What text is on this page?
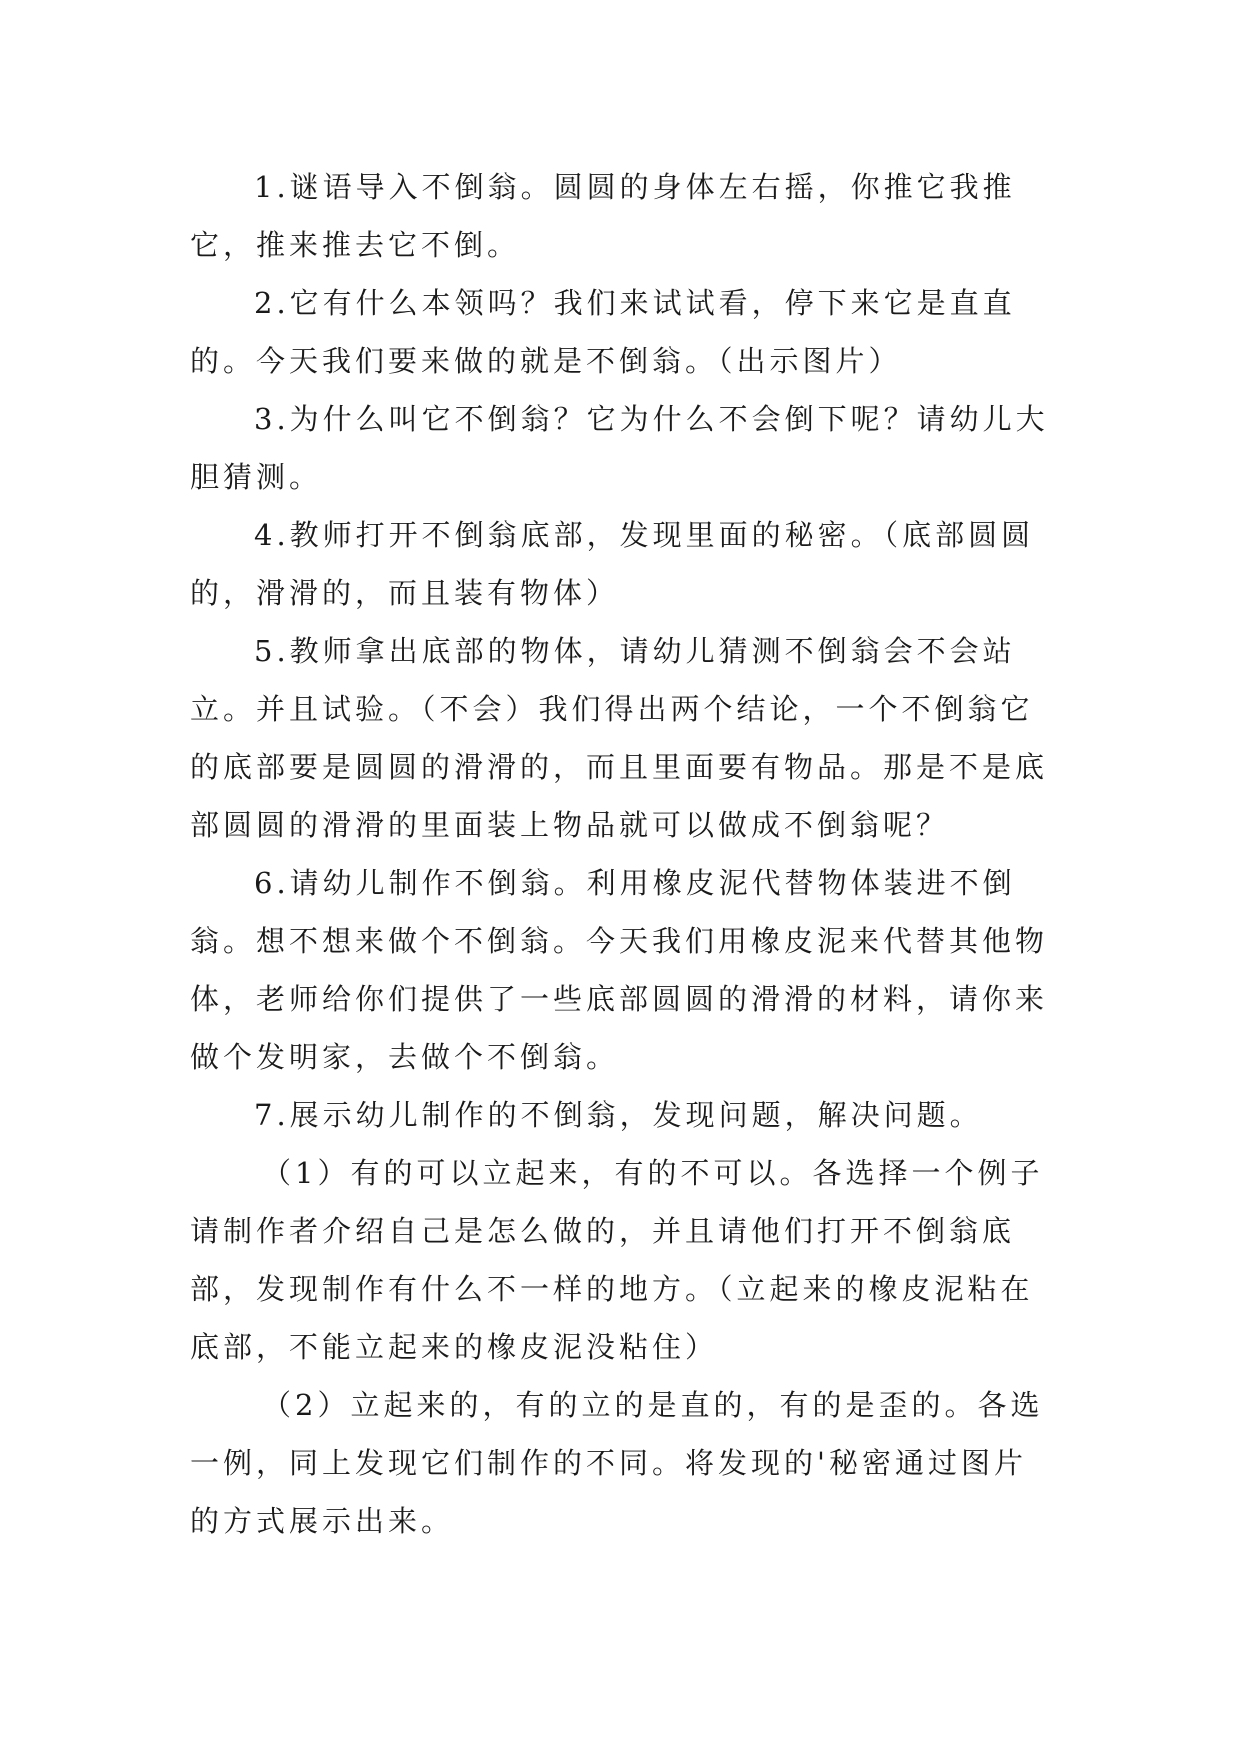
1.谜语导入不倒翁。圆圆的身体左右摇，你推它我推它，推来推去它不倒。

2.它有什么本领吗？我们来试试看，停下来它是直直的。今天我们要来做的就是不倒翁。（出示图片）

3.为什么叫它不倒翁？它为什么不会倒下呢？请幼儿大胆猜测。

4.教师打开不倒翁底部，发现里面的秘密。（底部圆圆的，滑滑的，而且装有物体）

5.教师拿出底部的物体，请幼儿猜测不倒翁会不会站立。并且试验。（不会）我们得出两个结论，一个不倒翁它的底部要是圆圆的滑滑的，而且里面要有物品。那是不是底部圆圆的滑滑的里面装上物品就可以做成不倒翁呢？

6.请幼儿制作不倒翁。利用橡皮泥代替物体装进不倒翁。想不想来做个不倒翁。今天我们用橡皮泥来代替其他物体，老师给你们提供了一些底部圆圆的滑滑的材料，请你来做个发明家，去做个不倒翁。

7.展示幼儿制作的不倒翁，发现问题，解决问题。

（1）有的可以立起来，有的不可以。各选择一个例子请制作者介绍自己是怎么做的，并且请他们打开不倒翁底部，发现制作有什么不一样的地方。（立起来的橡皮泥粘在底部，不能立起来的橡皮泥没粘住）

（2）立起来的，有的立的是直的，有的是歪的。各选一例，同上发现它们制作的不同。将发现的'秘密通过图片的方式展示出来。
